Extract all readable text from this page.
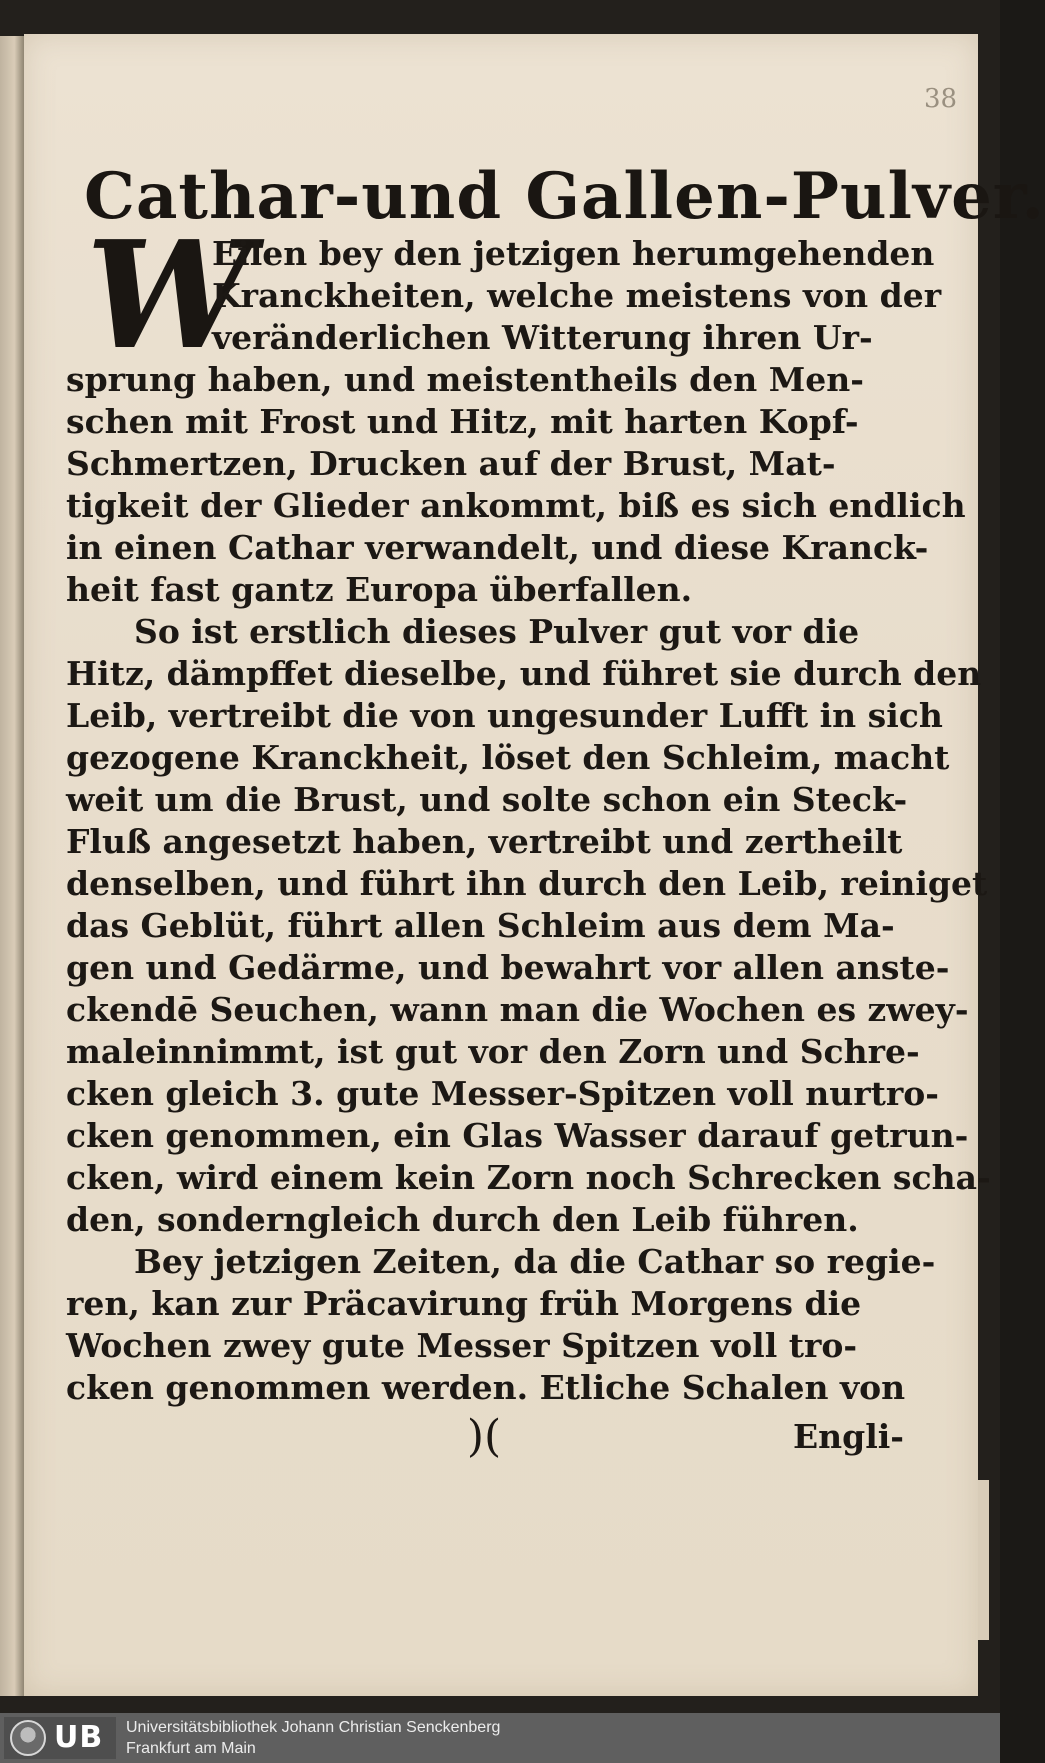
38
Cathar-und Gallen-Pulver.
W
Eilen bey den jetzigen herumgehenden
Kranckheiten, welche meistens von der
veränderlichen Witterung ihren Ur-
sprung haben, und meistentheils den Men-
schen mit Frost und Hitz, mit harten Kopf-
Schmertzen, Drucken auf der Brust, Mat-
tigkeit der Glieder ankommt, biß es sich endlich
in einen Cathar verwandelt, und diese Kranck-
heit fast gantz Europa überfallen.
So ist erstlich dieses Pulver gut vor die
Hitz, dämpffet dieselbe, und führet sie durch den
Leib, vertreibt die von ungesunder Lufft in sich
gezogene Kranckheit, löset den Schleim, macht
weit um die Brust, und solte schon ein Steck-
Fluß angesetzt haben, vertreibt und zertheilt
denselben, und führt ihn durch den Leib, reiniget
das Geblüt, führt allen Schleim aus dem Ma-
gen und Gedärme, und bewahrt vor allen anste-
ckendē Seuchen, wann man die Wochen es zwey-
maleinnimmt, ist gut vor den Zorn und Schre-
cken gleich 3. gute Messer-Spitzen voll nurtro-
cken genommen, ein Glas Wasser darauf getrun-
cken, wird einem kein Zorn noch Schrecken scha-
den, sonderngleich durch den Leib führen.
Bey jetzigen Zeiten, da die Cathar so regie-
ren, kan zur Präcavirung früh Morgens die
Wochen zwey gute Messer Spitzen voll tro-
cken genommen werden. Etliche Schalen von
)(	Engli-
UB	Universitätsbibliothek Johann Christian Senckenberg
Frankfurt am Main
